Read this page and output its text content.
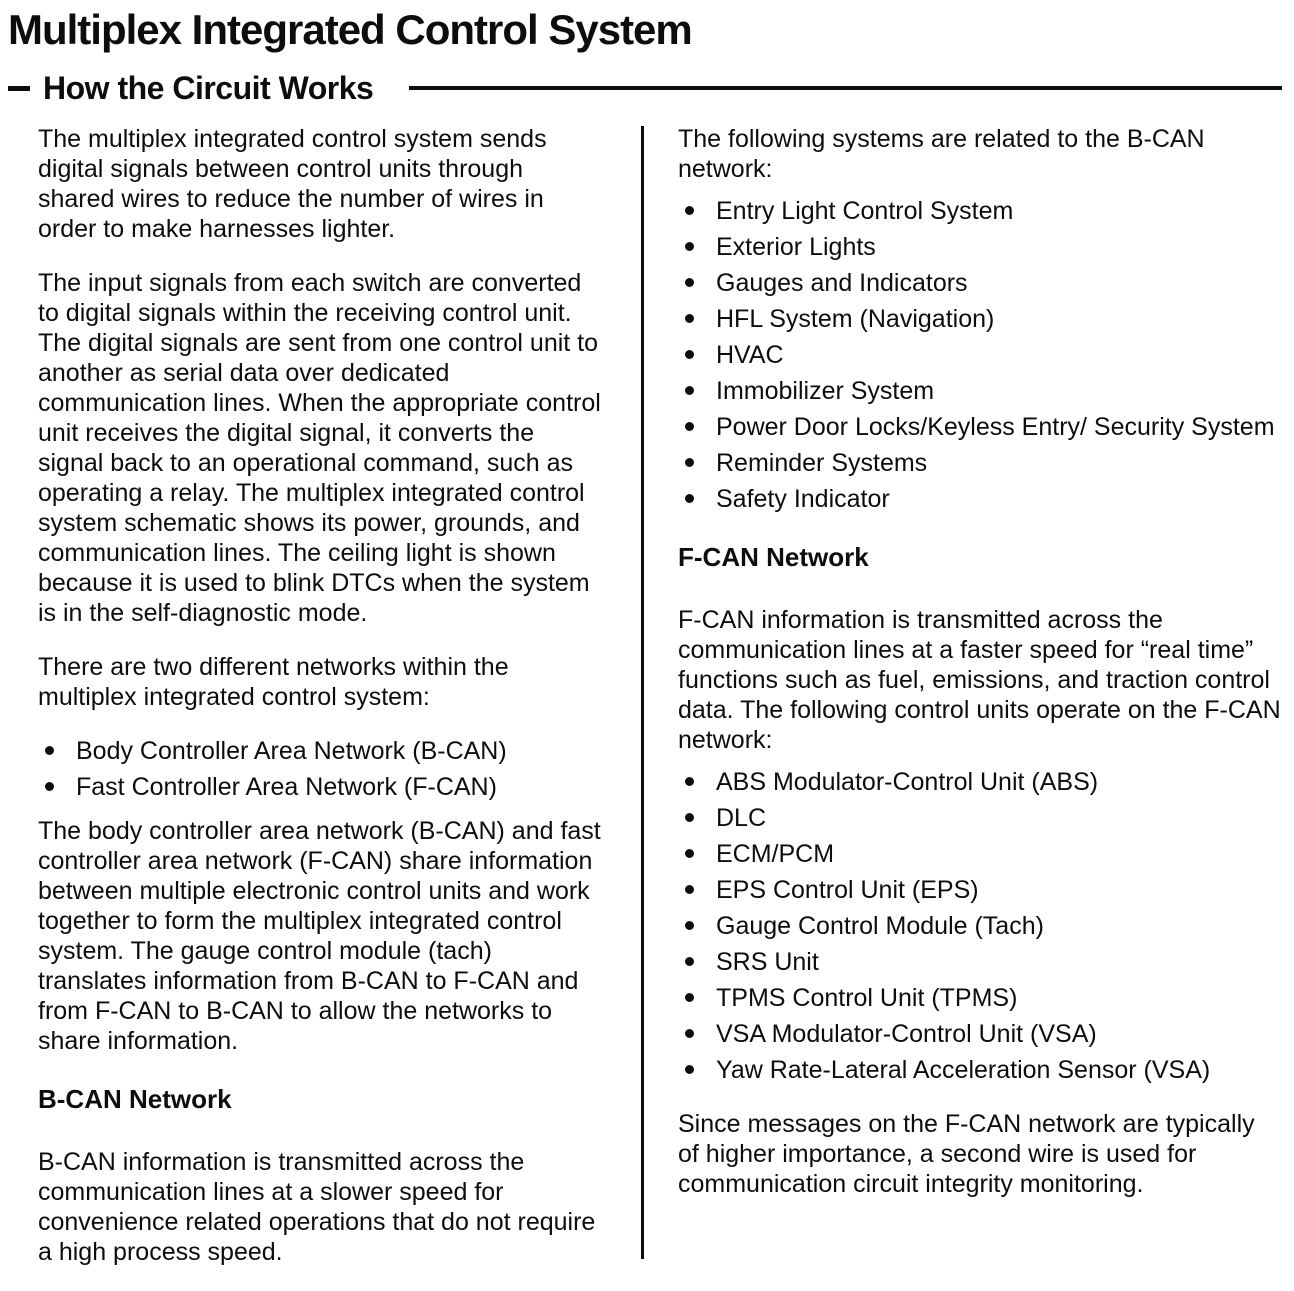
Multiplex Integrated Control System
How the Circuit Works

The multiplex integrated control system sends digital signals between control units through shared wires to reduce the number of wires in order to make harnesses lighter.

The input signals from each switch are converted to digital signals within the receiving control unit. The digital signals are sent from one control unit to another as serial data over dedicated communication lines. When the appropriate control unit receives the digital signal, it converts the signal back to an operational command, such as operating a relay. The multiplex integrated control system schematic shows its power, grounds, and communication lines. The ceiling light is shown because it is used to blink DTCs when the system is in the self-diagnostic mode.

There are two different networks within the multiplex integrated control system:

Body Controller Area Network (B-CAN)
Fast Controller Area Network (F-CAN)

The body controller area network (B-CAN) and fast controller area network (F-CAN) share information between multiple electronic control units and work together to form the multiplex integrated control system. The gauge control module (tach) translates information from B-CAN to F-CAN and from F-CAN to B-CAN to allow the networks to share information.

B-CAN Network

B-CAN information is transmitted across the communication lines at a slower speed for convenience related operations that do not require a high process speed.

The following systems are related to the B-CAN network:

Entry Light Control System
Exterior Lights
Gauges and Indicators
HFL System (Navigation)
HVAC
Immobilizer System
Power Door Locks/Keyless Entry/ Security System
Reminder Systems
Safety Indicator
F-CAN Network

F-CAN information is transmitted across the communication lines at a faster speed for “real time” functions such as fuel, emissions, and traction control data. The following control units operate on the F-CAN network:

ABS Modulator-Control Unit (ABS)
DLC
ECM/PCM
EPS Control Unit (EPS)
Gauge Control Module (Tach)
SRS Unit
TPMS Control Unit (TPMS)
VSA Modulator-Control Unit (VSA)
Yaw Rate-Lateral Acceleration Sensor (VSA)

Since messages on the F-CAN network are typically of higher importance, a second wire is used for communication circuit integrity monitoring.
